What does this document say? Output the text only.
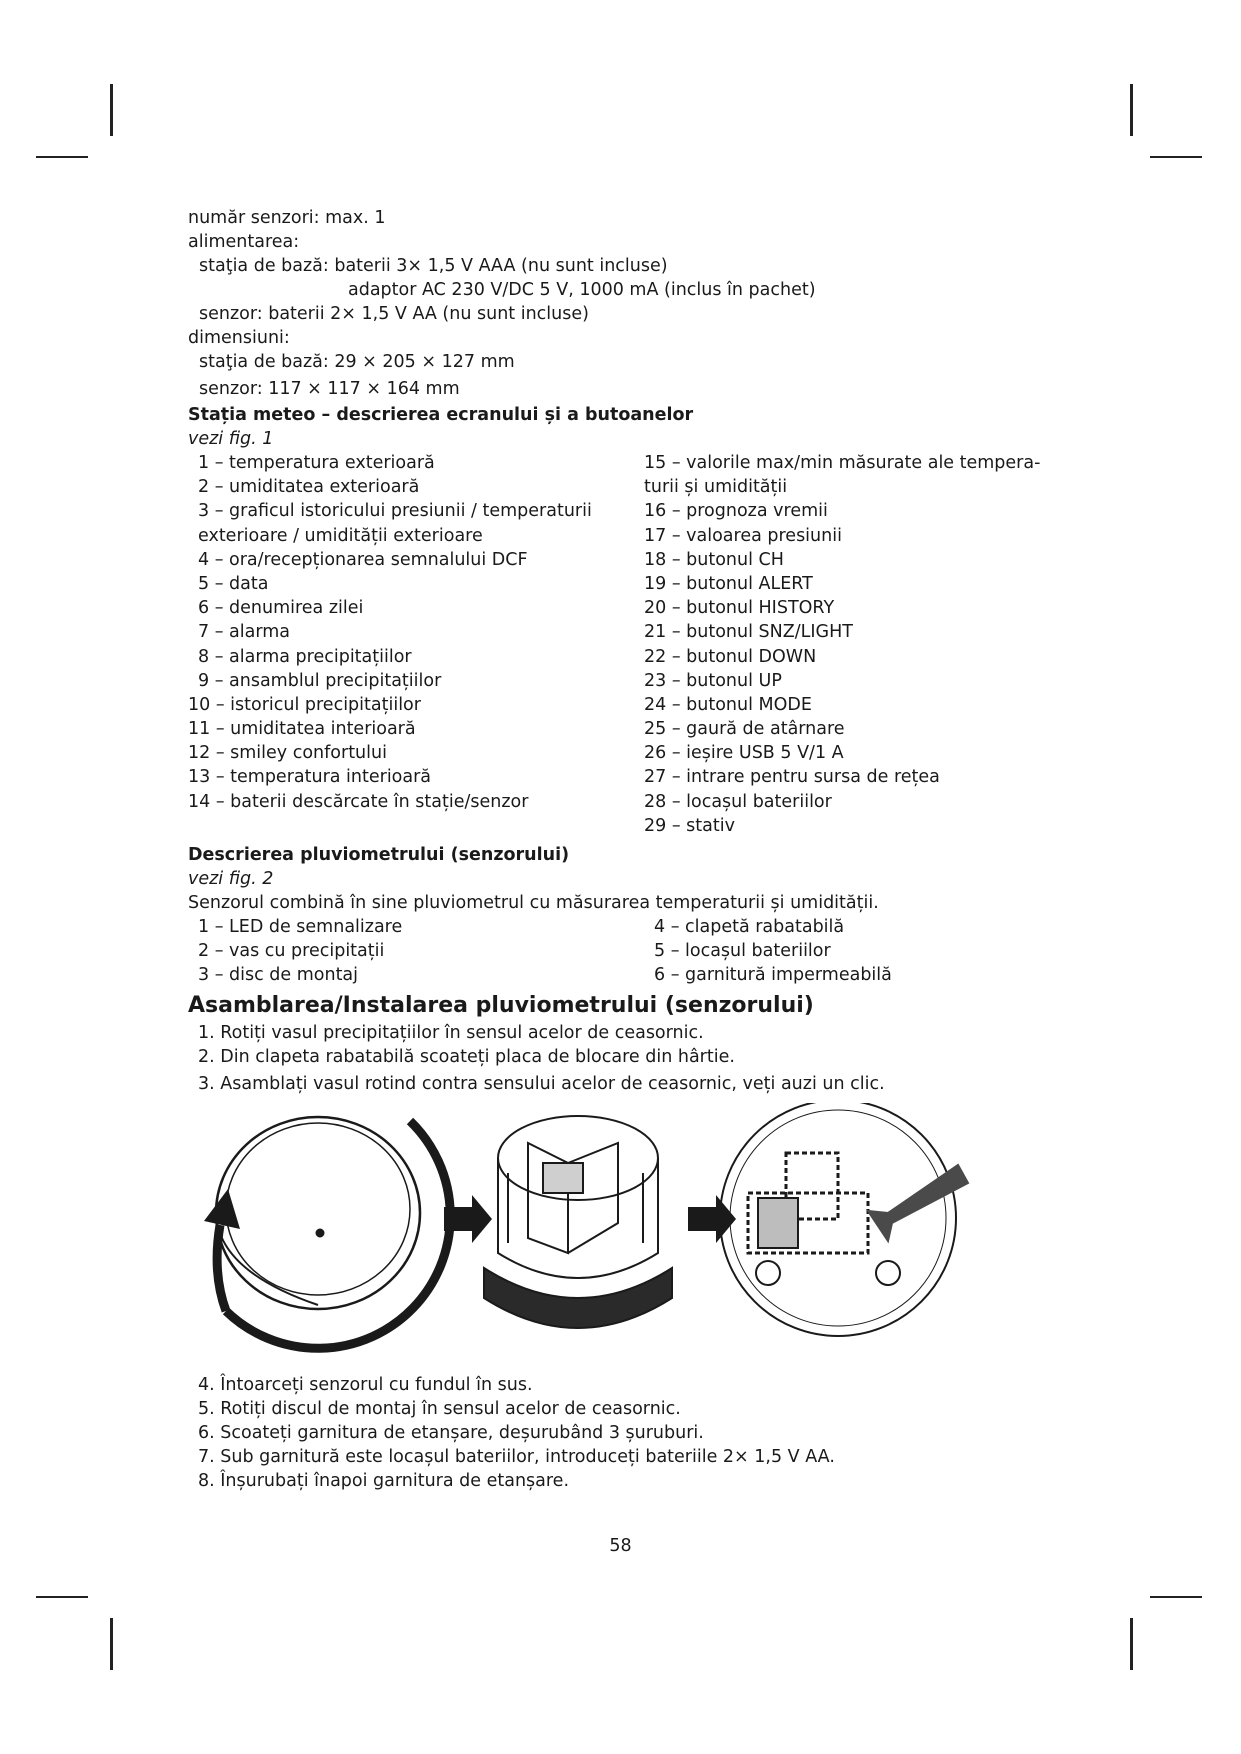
număr senzori: max. 1
alimentarea:
staţia de bază: baterii 3× 1,5 V AAA (nu sunt incluse)
adaptor AC 230 V/DC 5 V, 1000 mA (inclus în pachet)
senzor: baterii 2× 1,5 V AA (nu sunt incluse)
dimensiuni:
staţia de bază: 29 × 205 × 127 mm
senzor: 117 × 117 × 164 mm
Stația meteo – descrierea ecranului și a butoanelor
vezi fig. 1
1 – temperatura exterioară
2 – umiditatea exterioară
3 – graficul istoricului presiunii / temperaturii
exterioare / umidității exterioare
4 – ora/recepționarea semnalului DCF
5 – data
6 – denumirea zilei
7 – alarma
8 – alarma precipitațiilor
9 – ansamblul precipitațiilor
10 – istoricul precipitațiilor
11 – umiditatea interioară
12 – smiley confortului
13 – temperatura interioară
14 – baterii descărcate în stație/senzor
15 – valorile max/min măsurate ale tempera-
turii și umidității
16 – prognoza vremii
17 – valoarea presiunii
18 – butonul CH
19 – butonul ALERT
20 – butonul HISTORY
21 – butonul SNZ/LIGHT
22 – butonul DOWN
23 – butonul UP
24 – butonul MODE
25 – gaură de atârnare
26 – ieșire USB 5 V/1 A
27 – intrare pentru sursa de rețea
28 – locașul bateriilor
29 – stativ
Descrierea pluviometrului (senzorului)
vezi fig. 2
Senzorul combină în sine pluviometrul cu măsurarea temperaturii și umidității.
1 – LED de semnalizare
2 – vas cu precipitații
3 – disc de montaj
4 – clapetă rabatabilă
5 – locașul bateriilor
6 – garnitură impermeabilă
Asamblarea/Instalarea pluviometrului (senzorului)
1. Rotiți vasul precipitațiilor în sensul acelor de ceasornic.
2. Din clapeta rabatabilă scoateți placa de blocare din hârtie.
3. Asamblați vasul rotind contra sensului acelor de ceasornic, veți auzi un clic.
4. Întoarceți senzorul cu fundul în sus.
5. Rotiți discul de montaj în sensul acelor de ceasornic.
6. Scoateți garnitura de etanșare, deșurubând 3 șuruburi.
7. Sub garnitură este locașul bateriilor, introduceți bateriile 2× 1,5 V AA.
8. Înșurubați înapoi garnitura de etanșare.
58
